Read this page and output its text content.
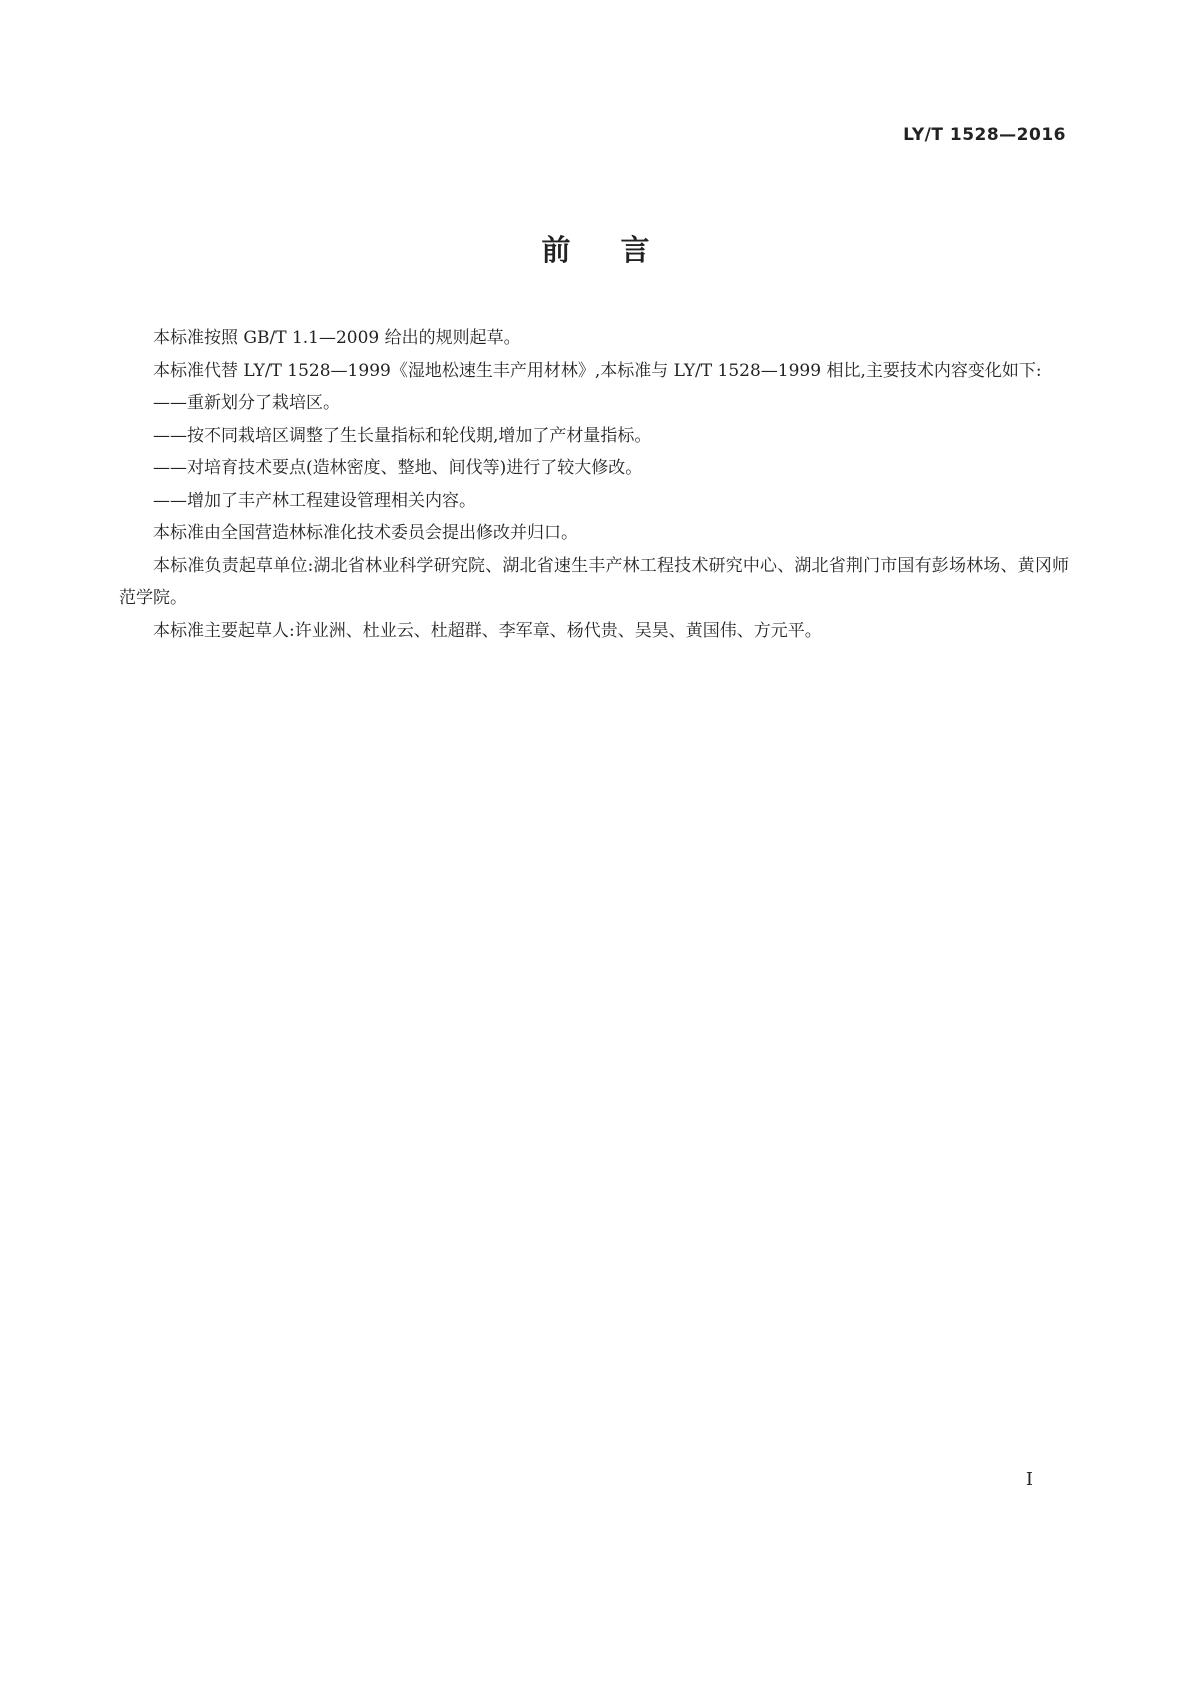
LY/T 1528—2016
前言

本标准按照 GB/T 1.1—2009 给出的规则起草。

本标准代替 LY/T 1528—1999《湿地松速生丰产用材林》,本标准与 LY/T 1528—1999 相比,主要技术内容变化如下:

——重新划分了栽培区。

——按不同栽培区调整了生长量指标和轮伐期,增加了产材量指标。

——对培育技术要点(造林密度、整地、间伐等)进行了较大修改。

——增加了丰产林工程建设管理相关内容。

本标准由全国营造林标准化技术委员会提出修改并归口。

本标准负责起草单位:湖北省林业科学研究院、湖北省速生丰产林工程技术研究中心、湖北省荆门市国有彭场林场、黄冈师范学院。

本标准主要起草人:许业洲、杜业云、杜超群、李军章、杨代贵、吴昊、黄国伟、方元平。

I
